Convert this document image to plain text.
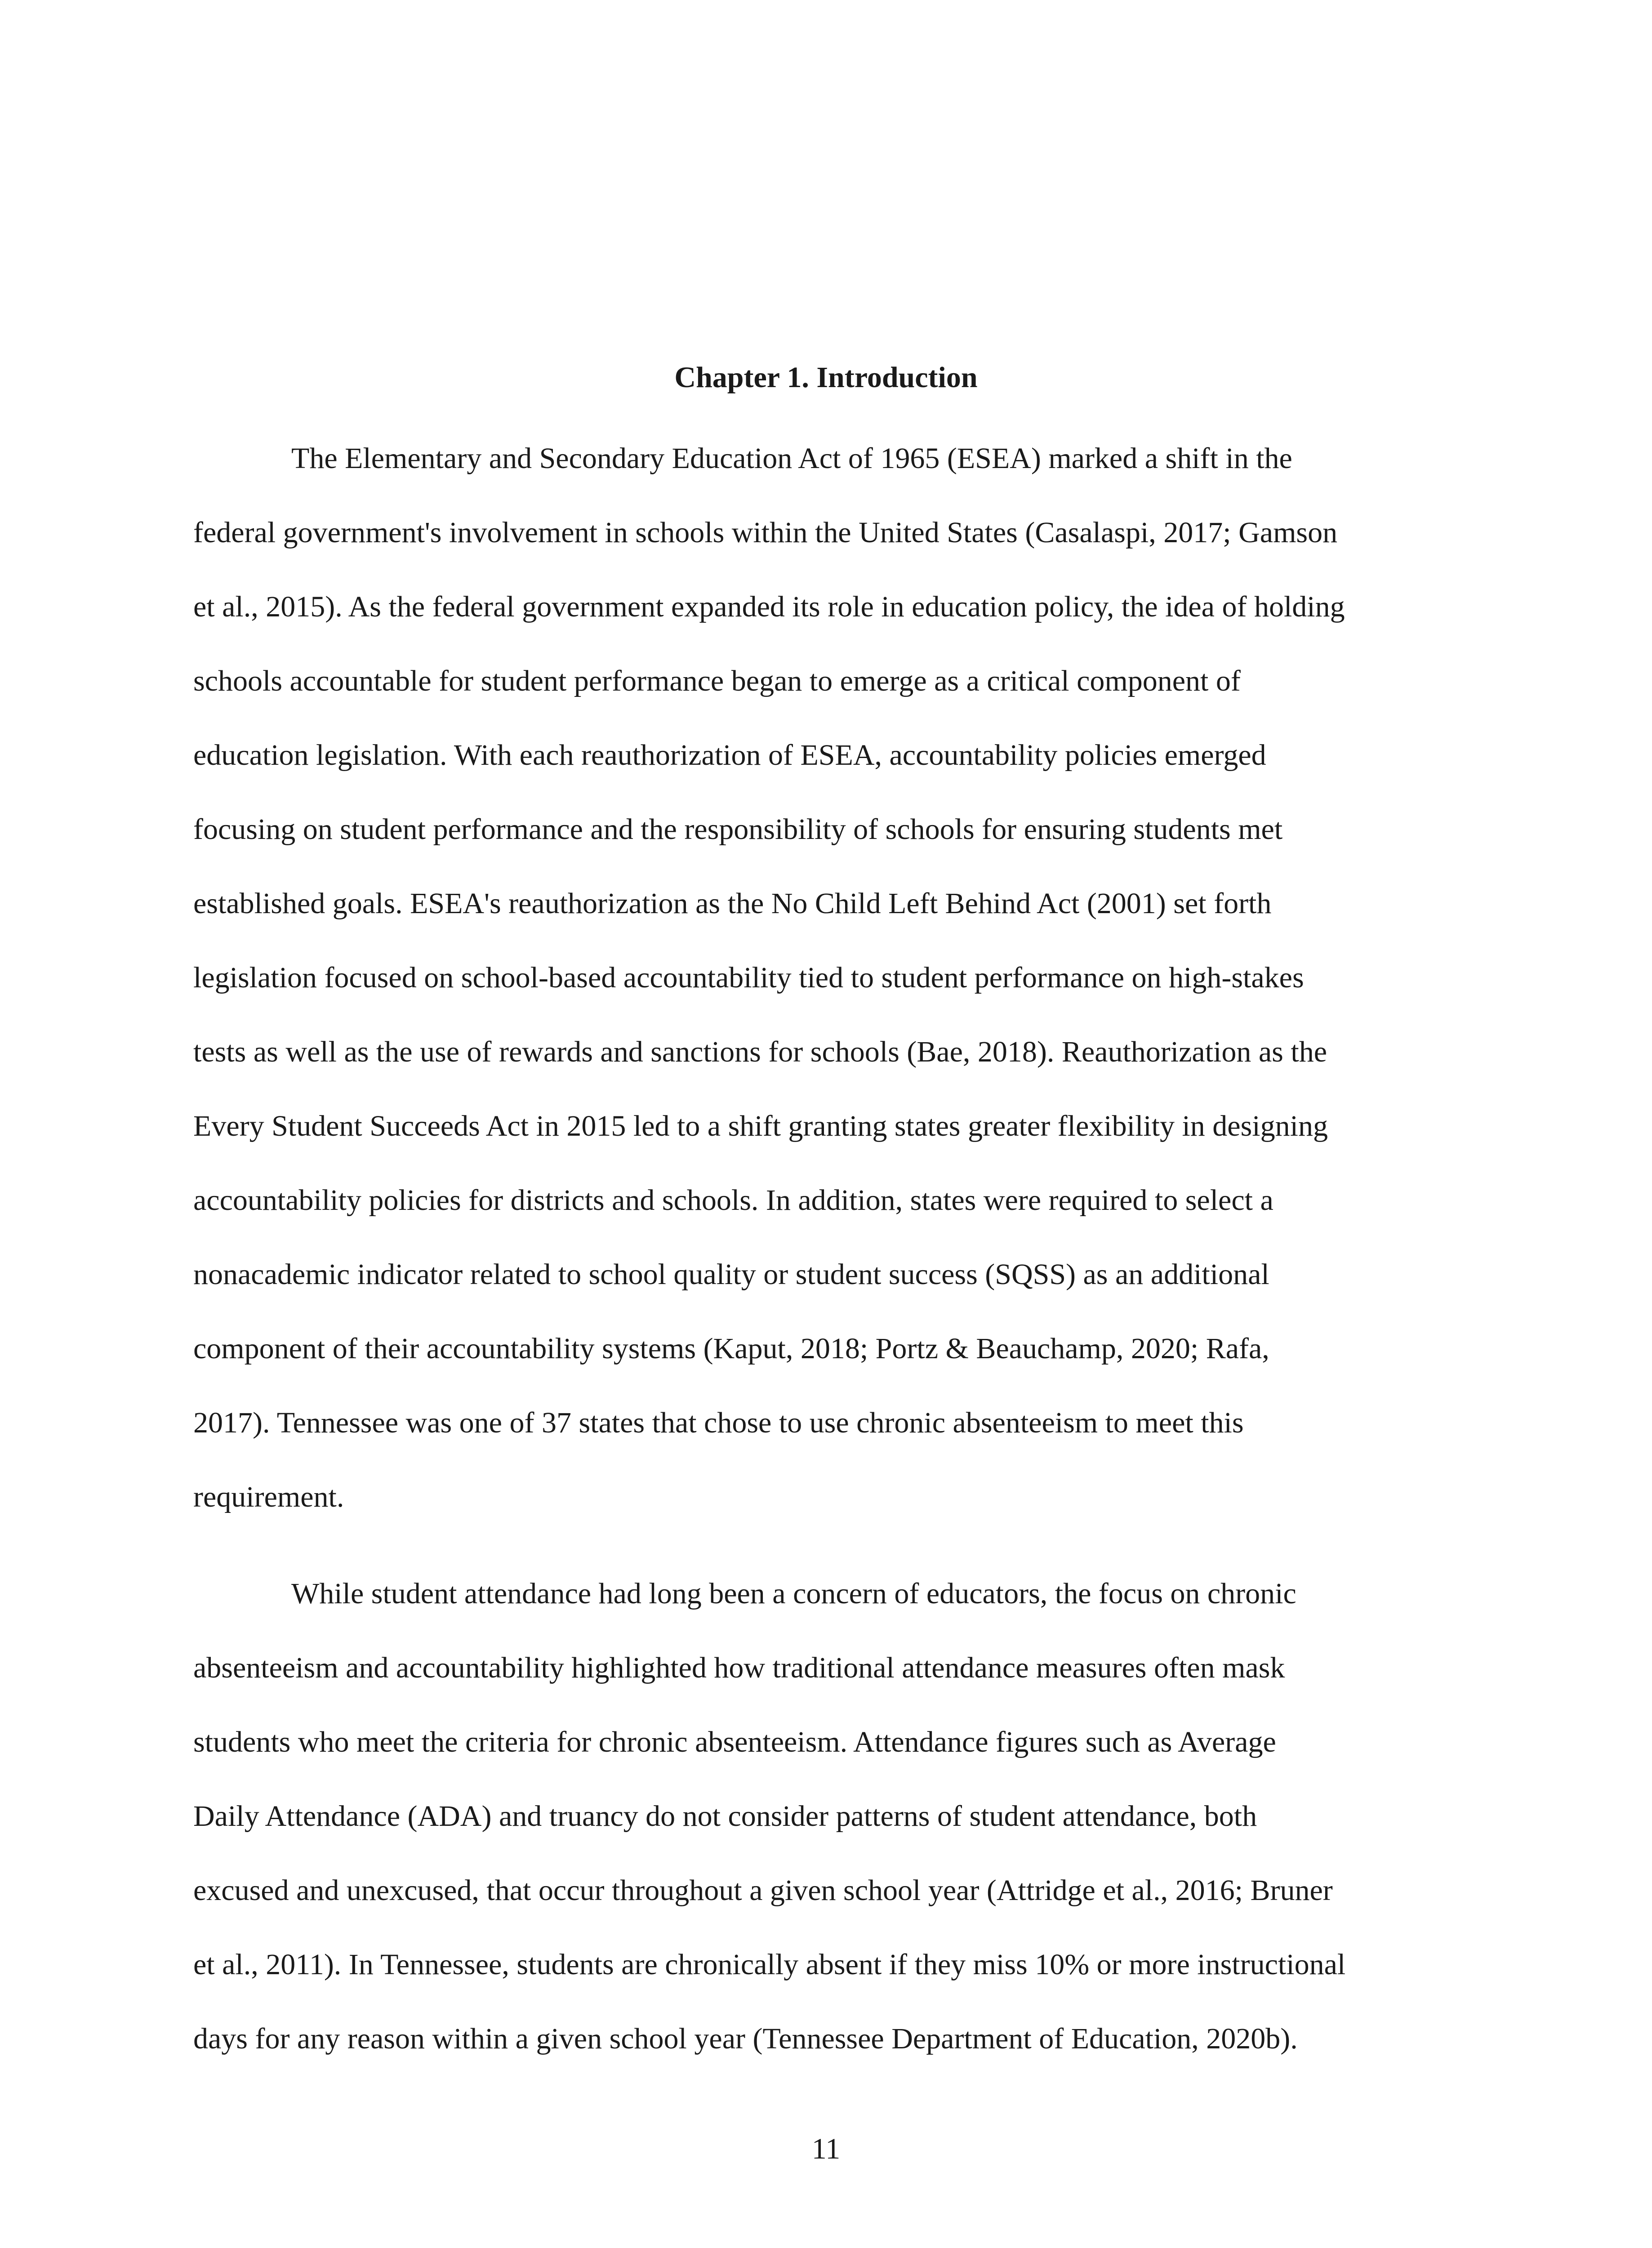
Chapter 1. Introduction

The Elementary and Secondary Education Act of 1965 (ESEA) marked a shift in the

federal government's involvement in schools within the United States (Casalaspi, 2017; Gamson

et al., 2015). As the federal government expanded its role in education policy, the idea of holding

schools accountable for student performance began to emerge as a critical component of

education legislation. With each reauthorization of ESEA, accountability policies emerged

focusing on student performance and the responsibility of schools for ensuring students met

established goals. ESEA's reauthorization as the No Child Left Behind Act (2001) set forth

legislation focused on school-based accountability tied to student performance on high-stakes

tests as well as the use of rewards and sanctions for schools (Bae, 2018). Reauthorization as the

Every Student Succeeds Act in 2015 led to a shift granting states greater flexibility in designing

accountability policies for districts and schools. In addition, states were required to select a

nonacademic indicator related to school quality or student success (SQSS) as an additional

component of their accountability systems (Kaput, 2018; Portz & Beauchamp, 2020; Rafa,

2017). Tennessee was one of 37 states that chose to use chronic absenteeism to meet this

requirement.

While student attendance had long been a concern of educators, the focus on chronic

absenteeism and accountability highlighted how traditional attendance measures often mask

students who meet the criteria for chronic absenteeism. Attendance figures such as Average

Daily Attendance (ADA) and truancy do not consider patterns of student attendance, both

excused and unexcused, that occur throughout a given school year (Attridge et al., 2016; Bruner

et al., 2011). In Tennessee, students are chronically absent if they miss 10% or more instructional

days for any reason within a given school year (Tennessee Department of Education, 2020b).

11
